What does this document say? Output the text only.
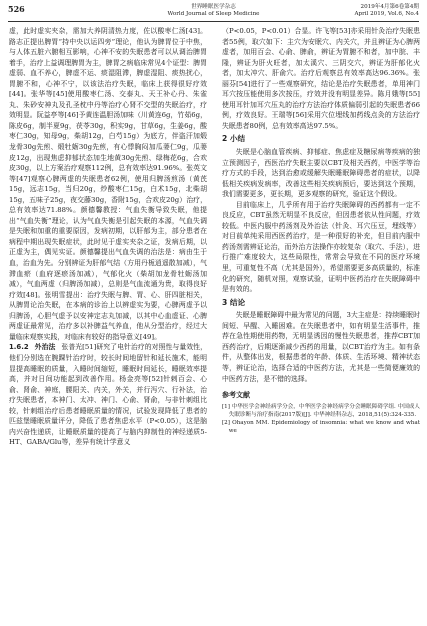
526	世界睡眠医学杂志
World Journal of Sleep Medicine
2019年4月第6卷第4期
April 2019, Vol.6, No.4

虚，此时虚实夹杂，需加大养阴清热力度，佐以酸枣仁汤[43]。路志正提出脾胃“持中央以运四旁”理论，他认为脾胃位于中焦，与人体五脏六腑相互影响，心神不安的失眠患者可以从调治脾胃着手，治疗上益调理脾胃为主，脾胃之病临床常见4个证型：脾胃虚弱、血不养心，脾虚不运、痰湿阻滞，脾虚湿阻、痰热扰心，胃腑不和，心神不宁，以该法治疗失眠，临床上获得很好疗效[44]。张华等[45]使用酸枣仁汤、交泰丸、天王补心丹、朱雀丸、朱砂安神丸及孔圣枕中丹等治疗心肾不交型的失眠治疗，疗效明显。阮益亭等[46]予黄连温胆汤加味（川黄连6g，竹茹6g，陈皮6g，制半夏9g，茯苓30g，积实9g，甘草6g，生姜6g，酸枣仁30g，知母9g，柴胡12g，白芍15g）为底方，伴盗汗加煅龙骨30g先煎、煅牡蛎30g先煎，有心悸胸闷加瓜蒌仁9g，瓜蒌皮12g，出现焦虑抑郁状态加生地黄30g先煎、绿梅花6g，合欢皮30g，以上方案治疗观察112例，总有效率达91.96%。张英文等[47]观察心脾两虚的失眠患者62例，使用归脾汤煎汤（黄芪15g，远志15g，当归20g，炒酸枣仁15g，白术15g，北柴胡15g，五味子25g，夜交藤30g，香附15g，合欢皮20g）治疗，总有效率达71.88%。颜德馨教授：气血失衡导致失眠，他提出“气血失衡”理论，认为气血失衡是引起失眠的本源，气血失调是失眠和加重的重要原因，发病初期，以肝郁为主，部分患者在病程中期出现失眠症状，此时见于虚实夹杂之证，发病后期，以正虚为主，偶见实证。颜德馨提出气血失调的治法是：病由生于血，治血为先。分别辨证为肝郁气结（方用丹栀逍遥散加减），气滞血瘀（血府逐瘀汤加减），气郁化火（柴胡加龙骨牡蛎汤加减），气血两虚（归脾汤加减），总则是气血流通为贵，取得良好疗效[48]。张明雪提出：治疗失眠与脾、胃、心、肝四脏相关，从脾胃论治失眠，在本病的诊治上以辨虚实为要，心脾两虚予以归脾汤，心胆气虚予以安神定志丸加减，以其中心血虚证、心脾两虚证最常见，治疗多以补脾益气养血，他从分型治疗，经过大量临床观察实践，对临床有较好的指导意义[49]。

1.6.2 外治法 张普光[51]研究了电针治疗的对照性与量效性，他们分别选在腕踝针治疗时，较长时间地留针和延长施术，能明显提高睡眠的质量，入睡时间缩短，睡眠时间延长，睡眠效率提高，并对日间功能起到改善作用。杨金亮等[52]针刺百会、心俞、肾俞、神庭，腰阳关、内关，外关，并行泻穴、行补法，治疗失眠患者，本神门、太冲、神门、心俞、肾俞，与非针刺组比较，针刺组治疗后患者睡眠质量的情况，试验发现降低了患者的匹兹堡睡眠质量评分，降低了患者焦虑水平（P<0.05），这是脑内兴奋性递质，让睡眠质量的提高了与脑内抑制性的神经递质5-HT、GABA/Glu等，差异有统计学意义

（P<0.05，P<0.01）合显。许飞等[53]亦采用针灸治疗失眠患者55例，取穴如下：主穴为安眠穴、内关穴，并且辨证为心脾两虚者，加用百会、心俞、脾俞，辨证为胃腑不和者，加中脘、丰隆，辨证为肝火旺者，加太溪穴、三阴交穴，辨证为肝郁化火者，加太冲穴、肝俞穴。治疗后观察总有效率高达96.36%。张丽芬[54]进行了一些观察研究，结论是治疗失眠患者，单用神门耳穴按压能使用多次按压，疗效并没有明显差异。陈月娥等[55]使用耳针加耳穴压丸的治疗方法治疗体质偏弱引起的失眠患者66例，疗效良好。王瑞等[56]采用穴位埋线加药线点灸的方法治疗失眠患者80例，总有效率高达97.5%。

2 小结

失眠是心脑血管疾病、抑郁症、焦虑症及糖尿病等疾病的独立预测因子，西医治疗失眠主要以CBT及相关西药，中医学等治疗方式的手段，达到治愈或缓解失眠睡眠障碍患者的症状，以降低相关疾病发病率，改善这些相关疾病预后，要达到这个预期，我们需要更多，更长期，更多观察的研究，验证这个假设。

目前临床上，几乎所有用于治疗失眠障碍的西药都有一定不良反应，CBT虽然无明显不良反应，但因患者依从性问题，疗效较低。中医内服中药汤剂及外治法（针灸、耳穴压豆，埋线等）对目前单纯采用西医药治疗，是一种很好的补充，但目前内服中药汤剂需辨证论治，而外治方法操作亦较复杂（取穴、手法），进行推广难度较大，这些局限性，常常会导致在不同的医疗环境里，可重复性不高（尤其是国外），希望需要更多高质量的，标准化的研究，随机对照，观察试验，证明中医药治疗在失眠障碍中是有效的。

3 结论

失眠是睡眠障碍中最为常见的问题，3大主症是：持续睡眠时间短、早醒、入睡困难。在失眠患者中，如有明显生活事件，推荐在急性期使用药物，无明显诱因的慢性失眠患者，推荐CBT加西药治疗，后期逐渐减少西药的用量，以CBT治疗为主。如有条件，从整体出发，根据患者的年龄、体质、生活环境、精神状态等，辨证论治，选择合适的中医药方法，尤其是一些简便廉效的中医药方法，是不错的选择。

参考文献
[1] 中华医学会神经病学分会，中华医学会神经病学分会睡眠障碍学组. 中国成人失眠诊断与治疗指南(2017版)[J]. 中华神经科杂志，2018,51(5):324-335.
[2] Ohayon MM. Epidemiology of insomnia: what we know and what we
